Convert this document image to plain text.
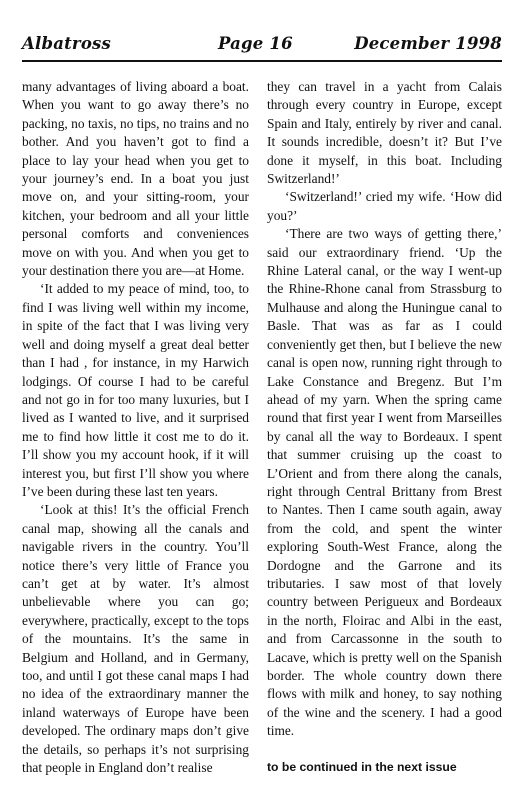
Albatross	Page 16	December 1998

many advantages of living aboard a boat. When you want to go away there’s no packing, no taxis, no tips, no trains and no bother. And you haven’t got to find a place to lay your head when you get to your journey’s end. In a boat you just move on, and your sitting-room, your kitchen, your bedroom and all your little personal comforts and conveniences move on with you. And when you get to your destination there you are—at Home.

‘It added to my peace of mind, too, to find I was living well within my income, in spite of the fact that I was living very well and doing myself a great deal better than I had , for instance, in my Harwich lodgings. Of course I had to be careful and not go in for too many luxuries, but I lived as I wanted to live, and it surprised me to find how little it cost me to do it. I’ll show you my account hook, if it will interest you, but first I’ll show you where I’ve been during these last ten years.

‘Look at this! It’s the official French canal map, showing all the canals and navigable rivers in the country. You’ll notice there’s very little of France you can’t get at by water. It’s almost unbelievable where you can go; everywhere, practically, except to the tops of the mountains. It’s the same in Belgium and Holland, and in Germany, too, and until I got these canal maps I had no idea of the extraordinary manner the inland waterways of Europe have been developed. The ordinary maps don’t give the details, so perhaps it’s not surprising that people in England don’t realise

they can travel in a yacht from Calais through every country in Europe, except Spain and Italy, entirely by river and canal. It sounds incredible, doesn’t it? But I’ve done it myself, in this boat. Including Switzerland!’

‘Switzerland!’ cried my wife. ‘How did you?’

‘There are two ways of getting there,’ said our extraordinary friend. ‘Up the Rhine Lateral canal, or the way I went-up the Rhine-Rhone canal from Strassburg to Mulhause and along the Huningue canal to Basle. That was as far as I could conveniently get then, but I believe the new canal is open now, running right through to Lake Constance and Bregenz. But I’m ahead of my yarn. When the spring came round that first year I went from Marseilles by canal all the way to Bordeaux. I spent that summer cruising up the coast to L’Orient and from there along the canals, right through Central Brittany from Brest to Nantes. Then I came south again, away from the cold, and spent the winter exploring South-West France, along the Dordogne and the Garrone and its tributaries. I saw most of that lovely country between Perigueux and Bordeaux in the north, Floirac and Albi in the east, and from Carcassonne in the south to Lacave, which is pretty well on the Spanish border. The whole country down there flows with milk and honey, to say nothing of the wine and the scenery. I had a good time.

to be continued in the next issue
